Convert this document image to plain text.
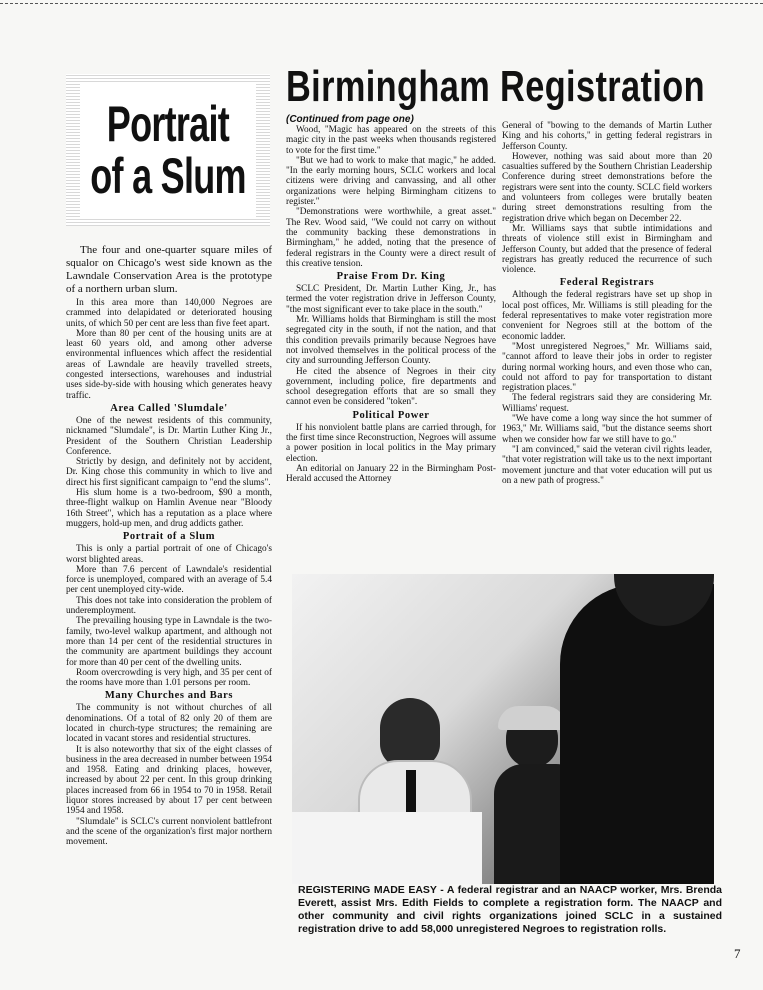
Portrait
of a Slum

The four and one-quarter square miles of squalor on Chicago's west side known as the Lawndale Conservation Area is the prototype of a northern urban slum.

In this area more than 140,000 Negroes are crammed into delapidated or deteriorated housing units, of which 50 per cent are less than five feet apart.

More than 80 per cent of the housing units are at least 60 years old, and among other adverse environmental influences which affect the residential areas of Lawndale are heavily travelled streets, congested intersections, warehouses and industrial uses side-by-side with housing which generates heavy traffic.

Area Called 'Slumdale'

One of the newest residents of this community, nicknamed "Slumdale", is Dr. Martin Luther King Jr., President of the Southern Christian Leadership Conference.

Strictly by design, and definitely not by accident, Dr. King chose this community in which to live and direct his first significant campaign to "end the slums".

His slum home is a two-bedroom, $90 a month, three-flight walkup on Hamlin Avenue near "Bloody 16th Street", which has a reputation as a place where muggers, hold-up men, and drug addicts gather.

Portrait of a Slum

This is only a partial portrait of one of Chicago's worst blighted areas.

More than 7.6 percent of Lawndale's residential force is unemployed, compared with an average of 5.4 per cent unemployed city-wide.

This does not take into consideration the problem of underemployment.

The prevailing housing type in Lawndale is the two-family, two-level walkup apartment, and although not more than 14 per cent of the residential structures in the community are apartment buildings they account for more than 40 per cent of the dwelling units.

Room overcrowding is very high, and 35 per cent of the rooms have more than 1.01 persons per room.

Many Churches and Bars

The community is not without churches of all denominations. Of a total of 82 only 20 of them are located in church-type structures; the remaining are located in vacant stores and residential structures.

It is also noteworthy that six of the eight classes of business in the area decreased in number between 1954 and 1958. Eating and drinking places, however, increased by about 22 per cent. In this group drinking places increased from 66 in 1954 to 70 in 1958. Retail liquor stores increased by about 17 per cent between 1954 and 1958.

"Slumdale" is SCLC's current nonviolent battlefront and the scene of the organization's first major northern movement.

Birmingham Registration
(Continued from page one)

Wood, "Magic has appeared on the streets of this magic city in the past weeks when thousands registered to vote for the first time."

"But we had to work to make that magic," he added. "In the early morning hours, SCLC workers and local citizens were driving and canvassing, and all other organizations were helping Birmingham citizens to register."

"Demonstrations were worthwhile, a great asset." The Rev. Wood said, "We could not carry on without the community backing these demonstrations in Birmingham," he added, noting that the presence of federal registrars in the County were a direct result of this creative tension.

Praise From Dr. King

SCLC President, Dr. Martin Luther King, Jr., has termed the voter registration drive in Jefferson County, "the most significant ever to take place in the south."

Mr. Williams holds that Birmingham is still the most segregated city in the south, if not the nation, and that this condition prevails primarily because Negroes have not involved themselves in the political process of the city and surrounding Jefferson County.

He cited the absence of Negroes in their city government, including police, fire departments and school desegregation efforts that are so small they cannot even be considered "token".

Political Power

If his nonviolent battle plans are carried through, for the first time since Reconstruction, Negroes will assume a power position in local politics in the May primary election.

An editorial on January 22 in the Birmingham Post-Herald accused the Attorney

General of "bowing to the demands of Martin Luther King and his cohorts," in getting federal registrars in Jefferson County.

However, nothing was said about more than 20 casualties suffered by the Southern Christian Leadership Conference during street demonstrations before the registrars were sent into the county. SCLC field workers and volunteers from colleges were brutally beaten during street demonstrations resulting from the registration drive which began on December 22.

Mr. Williams says that subtle intimidations and threats of violence still exist in Birmingham and Jefferson County, but added that the presence of federal registrars has greatly reduced the recurrence of such violence.

Federal Registrars

Although the federal registrars have set up shop in local post offices, Mr. Williams is still pleading for the federal representatives to make voter registration more convenient for Negroes still at the bottom of the economic ladder.

"Most unregistered Negroes," Mr. Williams said, "cannot afford to leave their jobs in order to register during normal working hours, and even those who can, could not afford to pay for transportation to distant registration places."

The federal registrars said they are considering Mr. Williams' request.

"We have come a long way since the hot summer of 1963," Mr. Williams said, "but the distance seems short when we consider how far we still have to go."

"I am convinced," said the veteran civil rights leader, "that voter registration will take us to the next important movement juncture and that voter education will put us on a new path of progress."

REGISTERING MADE EASY - A federal registrar and an NAACP worker, Mrs. Brenda Everett, assist Mrs. Edith Fields to complete a registration form. The NAACP and other community and civil rights organizations joined SCLC in a sustained registration drive to add 58,000 unregistered Negroes to registration rolls.
7
